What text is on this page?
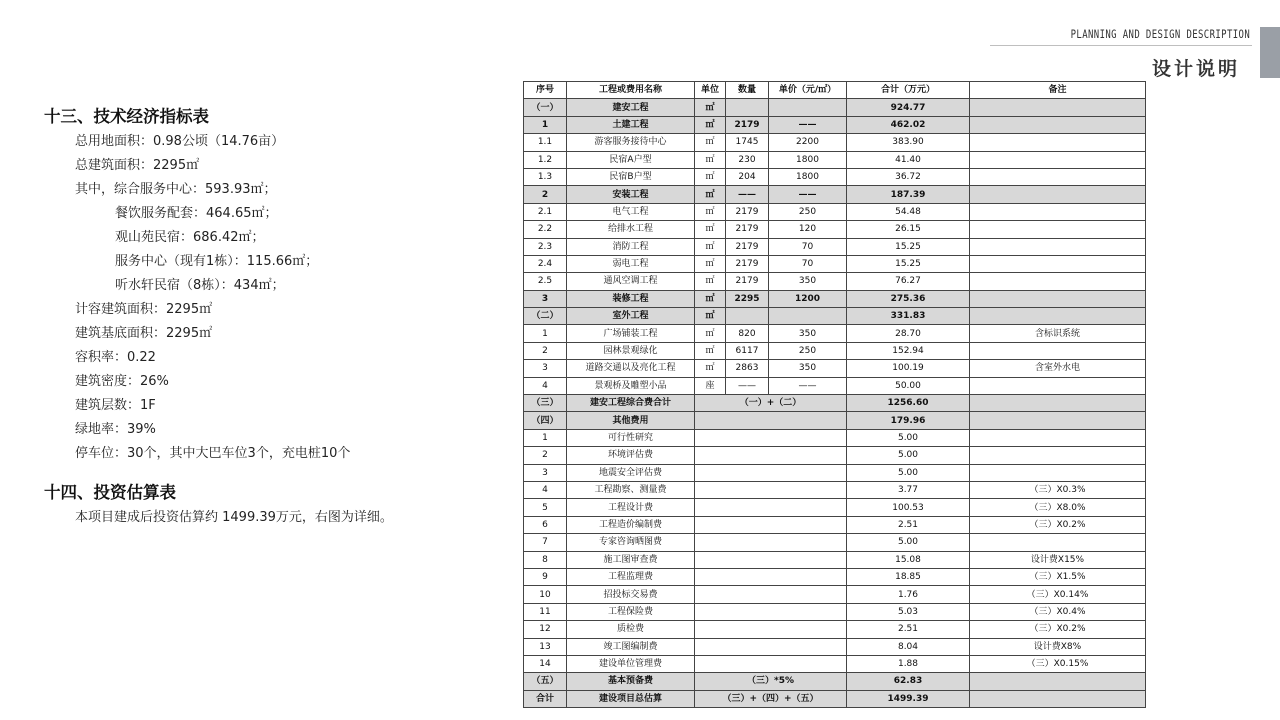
PLANNING AND DESIGN DESCRIPTION
设计说明
十三、技术经济指标表
总用地面积：0.98公顷（14.76亩）
总建筑面积：2295㎡
其中，综合服务中心：593.93㎡；
餐饮服务配套：464.65㎡；
观山苑民宿：686.42㎡；
服务中心（现有1栋）：115.66㎡；
听水轩民宿（8栋）：434㎡；
计容建筑面积：2295㎡
建筑基底面积：2295㎡
容积率：0.22
建筑密度：26%
建筑层数：1F
绿地率：39%
停车位：30个，其中大巴车位3个，充电桩10个
十四、投资估算表
本项目建成后投资估算约 1499.39万元，右图为详细。
序号	工程或费用名称	单位	数量	单价（元/㎡）	合计（万元）	备注
（一）	建安工程	㎡			924.77	
1	土建工程	㎡	2179	——	462.02	
1.1	游客服务接待中心	㎡	1745	2200	383.90	
1.2	民宿A户型	㎡	230	1800	41.40	
1.3	民宿B户型	㎡	204	1800	36.72	
2	安装工程	㎡	——	——	187.39	
2.1	电气工程	㎡	2179	250	54.48	
2.2	给排水工程	㎡	2179	120	26.15	
2.3	消防工程	㎡	2179	70	15.25	
2.4	弱电工程	㎡	2179	70	15.25	
2.5	通风空调工程	㎡	2179	350	76.27	
3	装修工程	㎡	2295	1200	275.36	
（二）	室外工程	㎡			331.83	
1	广场铺装工程	㎡	820	350	28.70	含标识系统
2	园林景观绿化	㎡	6117	250	152.94	
3	道路交通以及亮化工程	㎡	2863	350	100.19	含室外水电
4	景观桥及雕塑小品	座	——	——	50.00	
（三）	建安工程综合费合计	（一）+（二）			1256.60	
（四）	其他费用				179.96	
1	可行性研究				5.00	
2	环境评估费				5.00	
3	地震安全评估费				5.00	
4	工程勘察、测量费				3.77	（三）X0.3%
5	工程设计费				100.53	（三）X8.0%
6	工程造价编制费				2.51	（三）X0.2%
7	专家咨询晒图费				5.00	
8	施工图审查费				15.08	设计费X15%
9	工程监理费				18.85	（三）X1.5%
10	招投标交易费				1.76	（三）X0.14%
11	工程保险费				5.03	（三）X0.4%
12	质检费				2.51	（三）X0.2%
13	竣工图编制费				8.04	设计费X8%
14	建设单位管理费				1.88	（三）X0.15%
（五）	基本预备费	（三）*5%			62.83	
合计	建设项目总估算	（三）+（四）+（五）			1499.39	
